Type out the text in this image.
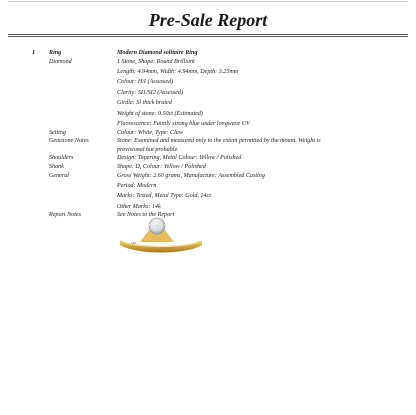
Pre-Sale Report
1 Ring	Modern Diamond solitaire Ring
Diamond	1 Stone, Shape: Round Brilliant
Length: 4.94mm, Width: 4.94mm, Depth: 3.25mm
Colour: H/I (Assessed)
Clarity: SI1/SI2 (Assessed)
Girdle: Sl thick bruted
Weight of stone: 0.50ct (Estimated)
Fluorescence: Faintly strong blue under longwave UV
Setting	Colour: White, Type: Claw
Gemstone Notes	Stone: Examined and measured only to the extent permitted by the mount. Weight is
provisional but probable.
Shoulders	Design: Tapering, Metal Colour: Yellow / Polished
Shank	Shape: D, Colour: Yellow / Polished
General	Gross Weight: 2.60 grams, Manufacture: Assembled Casting
Period: Modern
Marks: Tested, Metal Type: Gold, 14ct
Other Marks: 14k
Report Notes	See Notes to the Report
14K
